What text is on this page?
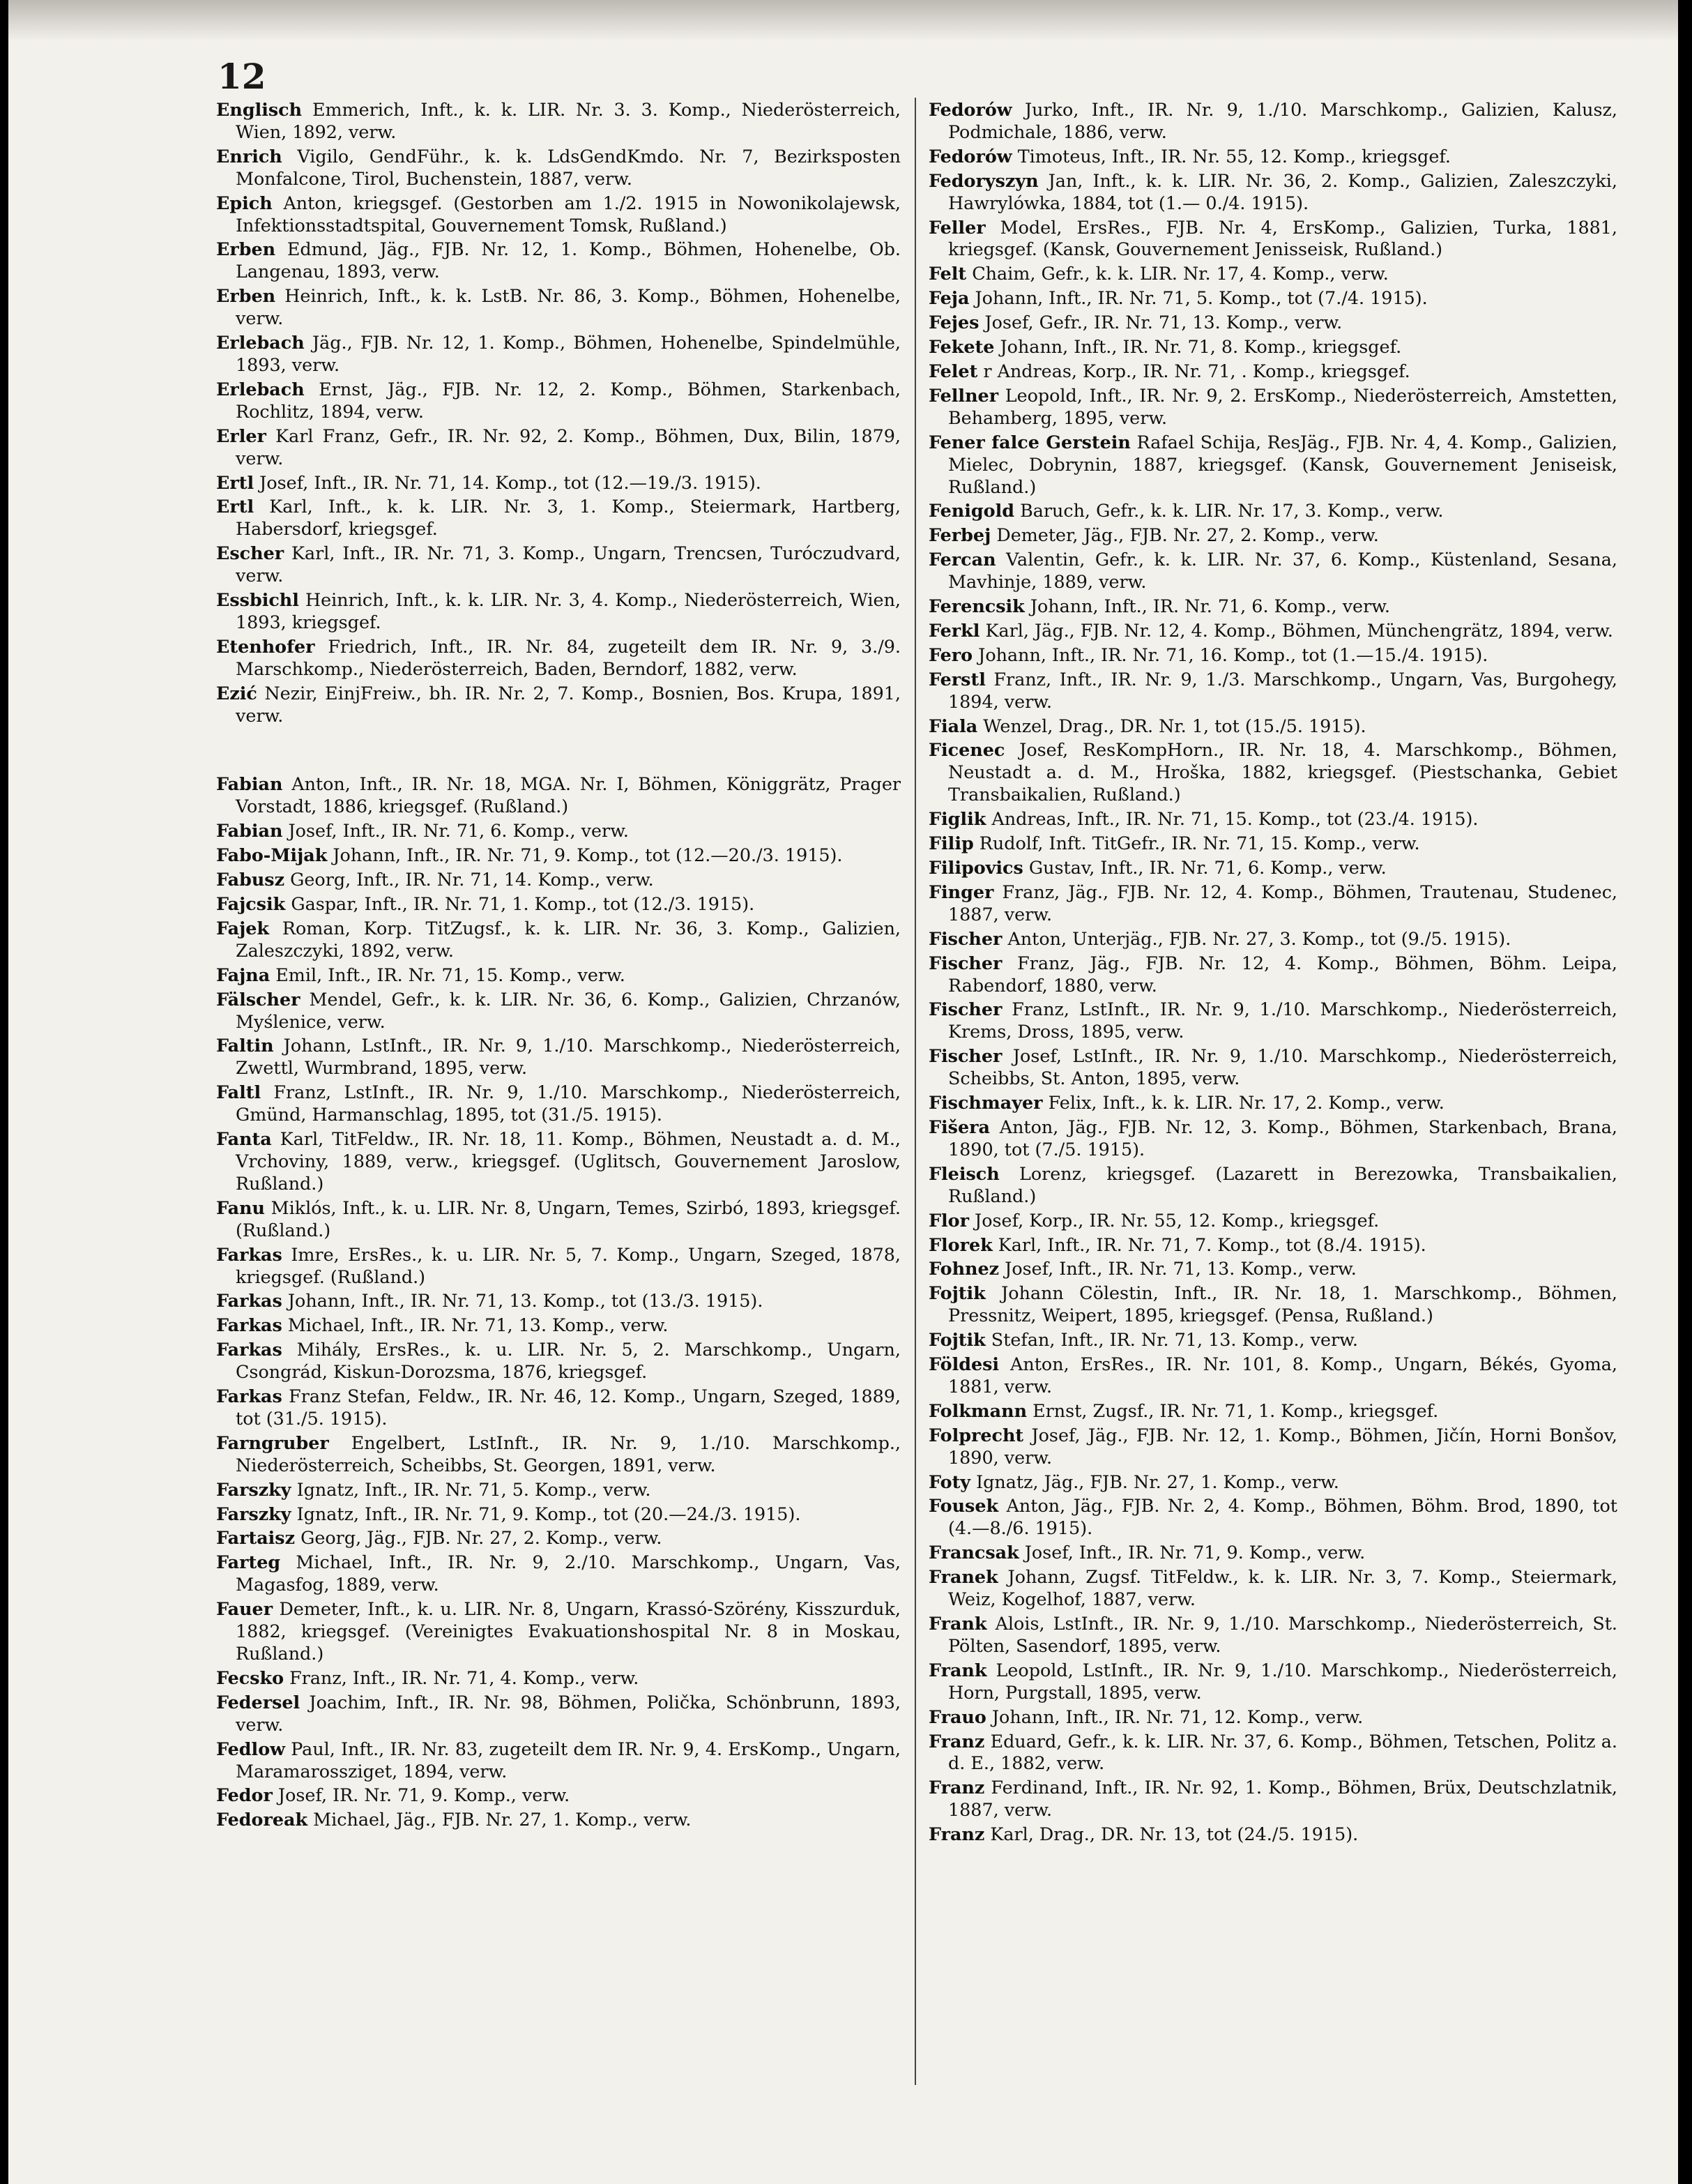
12

Englisch Emmerich, Inft., k. k. LIR. Nr. 3. 3. Komp., Niederösterreich, Wien, 1892, verw.

Enrich Vigilo, GendFühr., k. k. LdsGendKmdo. Nr. 7, Bezirksposten Monfalcone, Tirol, Buchenstein, 1887, verw.

Epich Anton, kriegsgef. (Gestorben am 1./2. 1915 in Nowonikolajewsk, Infektionsstadtspital, Gouvernement Tomsk, Rußland.)

Erben Edmund, Jäg., FJB. Nr. 12, 1. Komp., Böhmen, Hohenelbe, Ob. Langenau, 1893, verw.

Erben Heinrich, Inft., k. k. LstB. Nr. 86, 3. Komp., Böhmen, Hohenelbe, verw.

Erlebach Jäg., FJB. Nr. 12, 1. Komp., Böhmen, Hohenelbe, Spindelmühle, 1893, verw.

Erlebach Ernst, Jäg., FJB. Nr. 12, 2. Komp., Böhmen, Starkenbach, Rochlitz, 1894, verw.

Erler Karl Franz, Gefr., IR. Nr. 92, 2. Komp., Böhmen, Dux, Bilin, 1879, verw.

Ertl Josef, Inft., IR. Nr. 71, 14. Komp., tot (12.—19./3. 1915).

Ertl Karl, Inft., k. k. LIR. Nr. 3, 1. Komp., Steiermark, Hartberg, Habersdorf, kriegsgef.

Escher Karl, Inft., IR. Nr. 71, 3. Komp., Ungarn, Trencsen, Turóczudvard, verw.

Essbichl Heinrich, Inft., k. k. LIR. Nr. 3, 4. Komp., Niederösterreich, Wien, 1893, kriegsgef.

Etenhofer Friedrich, Inft., IR. Nr. 84, zugeteilt dem IR. Nr. 9, 3./9. Marschkomp., Niederösterreich, Baden, Berndorf, 1882, verw.

Ezić Nezir, EinjFreiw., bh. IR. Nr. 2, 7. Komp., Bosnien, Bos. Krupa, 1891, verw.

Fabian Anton, Inft., IR. Nr. 18, MGA. Nr. I, Böhmen, Königgrätz, Prager Vorstadt, 1886, kriegsgef. (Rußland.)

Fabian Josef, Inft., IR. Nr. 71, 6. Komp., verw.

Fabo-Mijak Johann, Inft., IR. Nr. 71, 9. Komp., tot (12.—20./3. 1915).

Fabusz Georg, Inft., IR. Nr. 71, 14. Komp., verw.

Fajcsik Gaspar, Inft., IR. Nr. 71, 1. Komp., tot (12./3. 1915).

Fajek Roman, Korp. TitZugsf., k. k. LIR. Nr. 36, 3. Komp., Galizien, Zaleszczyki, 1892, verw.

Fajna Emil, Inft., IR. Nr. 71, 15. Komp., verw.

Fälscher Mendel, Gefr., k. k. LIR. Nr. 36, 6. Komp., Galizien, Chrzanów, Myślenice, verw.

Faltin Johann, LstInft., IR. Nr. 9, 1./10. Marschkomp., Niederösterreich, Zwettl, Wurmbrand, 1895, verw.

Faltl Franz, LstInft., IR. Nr. 9, 1./10. Marschkomp., Niederösterreich, Gmünd, Harmanschlag, 1895, tot (31./5. 1915).

Fanta Karl, TitFeldw., IR. Nr. 18, 11. Komp., Böhmen, Neustadt a. d. M., Vrchoviny, 1889, verw., kriegsgef. (Uglitsch, Gouvernement Jaroslow, Rußland.)

Fanu Miklós, Inft., k. u. LIR. Nr. 8, Ungarn, Temes, Szirbó, 1893, kriegsgef. (Rußland.)

Farkas Imre, ErsRes., k. u. LIR. Nr. 5, 7. Komp., Ungarn, Szeged, 1878, kriegsgef. (Rußland.)

Farkas Johann, Inft., IR. Nr. 71, 13. Komp., tot (13./3. 1915).

Farkas Michael, Inft., IR. Nr. 71, 13. Komp., verw.

Farkas Mihály, ErsRes., k. u. LIR. Nr. 5, 2. Marschkomp., Ungarn, Csongrád, Kiskun-Dorozsma, 1876, kriegsgef.

Farkas Franz Stefan, Feldw., IR. Nr. 46, 12. Komp., Ungarn, Szeged, 1889, tot (31./5. 1915).

Farngruber Engelbert, LstInft., IR. Nr. 9, 1./10. Marschkomp., Niederösterreich, Scheibbs, St. Georgen, 1891, verw.

Farszky Ignatz, Inft., IR. Nr. 71, 5. Komp., verw.

Farszky Ignatz, Inft., IR. Nr. 71, 9. Komp., tot (20.—24./3. 1915).

Fartaisz Georg, Jäg., FJB. Nr. 27, 2. Komp., verw.

Farteg Michael, Inft., IR. Nr. 9, 2./10. Marschkomp., Ungarn, Vas, Magasfog, 1889, verw.

Fauer Demeter, Inft., k. u. LIR. Nr. 8, Ungarn, Krassó-Szörény, Kisszurduk, 1882, kriegsgef. (Vereinigtes Evakuationshospital Nr. 8 in Moskau, Rußland.)

Fecsko Franz, Inft., IR. Nr. 71, 4. Komp., verw.

Federsel Joachim, Inft., IR. Nr. 98, Böhmen, Polička, Schönbrunn, 1893, verw.

Fedlow Paul, Inft., IR. Nr. 83, zugeteilt dem IR. Nr. 9, 4. ErsKomp., Ungarn, Maramarossziget, 1894, verw.

Fedor Josef, IR. Nr. 71, 9. Komp., verw.

Fedoreak Michael, Jäg., FJB. Nr. 27, 1. Komp., verw.

Fedorów Jurko, Inft., IR. Nr. 9, 1./10. Marschkomp., Galizien, Kalusz, Podmichale, 1886, verw.

Fedorów Timoteus, Inft., IR. Nr. 55, 12. Komp., kriegsgef.

Fedoryszyn Jan, Inft., k. k. LIR. Nr. 36, 2. Komp., Galizien, Zaleszczyki, Hawrylówka, 1884, tot (1.— 0./4. 1915).

Feller Model, ErsRes., FJB. Nr. 4, ErsKomp., Galizien, Turka, 1881, kriegsgef. (Kansk, Gouvernement Jenisseisk, Rußland.)

Felt Chaim, Gefr., k. k. LIR. Nr. 17, 4. Komp., verw.

Feja Johann, Inft., IR. Nr. 71, 5. Komp., tot (7./4. 1915).

Fejes Josef, Gefr., IR. Nr. 71, 13. Komp., verw.

Fekete Johann, Inft., IR. Nr. 71, 8. Komp., kriegsgef.

Felet r Andreas, Korp., IR. Nr. 71, . Komp., kriegsgef.

Fellner Leopold, Inft., IR. Nr. 9, 2. ErsKomp., Niederösterreich, Amstetten, Behamberg, 1895, verw.

Fener falce Gerstein Rafael Schija, ResJäg., FJB. Nr. 4, 4. Komp., Galizien, Mielec, Dobrynin, 1887, kriegsgef. (Kansk, Gouvernement Jeniseisk, Rußland.)

Fenigold Baruch, Gefr., k. k. LIR. Nr. 17, 3. Komp., verw.

Ferbej Demeter, Jäg., FJB. Nr. 27, 2. Komp., verw.

Fercan Valentin, Gefr., k. k. LIR. Nr. 37, 6. Komp., Küstenland, Sesana, Mavhinje, 1889, verw.

Ferencsik Johann, Inft., IR. Nr. 71, 6. Komp., verw.

Ferkl Karl, Jäg., FJB. Nr. 12, 4. Komp., Böhmen, Münchengrätz, 1894, verw.

Fero Johann, Inft., IR. Nr. 71, 16. Komp., tot (1.—15./4. 1915).

Ferstl Franz, Inft., IR. Nr. 9, 1./3. Marschkomp., Ungarn, Vas, Burgohegy, 1894, verw.

Fiala Wenzel, Drag., DR. Nr. 1, tot (15./5. 1915).

Ficenec Josef, ResKompHorn., IR. Nr. 18, 4. Marschkomp., Böhmen, Neustadt a. d. M., Hroška, 1882, kriegsgef. (Piestschanka, Gebiet Transbaikalien, Rußland.)

Figlik Andreas, Inft., IR. Nr. 71, 15. Komp., tot (23./4. 1915).

Filip Rudolf, Inft. TitGefr., IR. Nr. 71, 15. Komp., verw.

Filipovics Gustav, Inft., IR. Nr. 71, 6. Komp., verw.

Finger Franz, Jäg., FJB. Nr. 12, 4. Komp., Böhmen, Trautenau, Studenec, 1887, verw.

Fischer Anton, Unterjäg., FJB. Nr. 27, 3. Komp., tot (9./5. 1915).

Fischer Franz, Jäg., FJB. Nr. 12, 4. Komp., Böhmen, Böhm. Leipa, Rabendorf, 1880, verw.

Fischer Franz, LstInft., IR. Nr. 9, 1./10. Marschkomp., Niederösterreich, Krems, Dross, 1895, verw.

Fischer Josef, LstInft., IR. Nr. 9, 1./10. Marschkomp., Niederösterreich, Scheibbs, St. Anton, 1895, verw.

Fischmayer Felix, Inft., k. k. LIR. Nr. 17, 2. Komp., verw.

Fišera Anton, Jäg., FJB. Nr. 12, 3. Komp., Böhmen, Starkenbach, Brana, 1890, tot (7./5. 1915).

Fleisch Lorenz, kriegsgef. (Lazarett in Berezowka, Transbaikalien, Rußland.)

Flor Josef, Korp., IR. Nr. 55, 12. Komp., kriegsgef.

Florek Karl, Inft., IR. Nr. 71, 7. Komp., tot (8./4. 1915).

Fohnez Josef, Inft., IR. Nr. 71, 13. Komp., verw.

Fojtik Johann Cölestin, Inft., IR. Nr. 18, 1. Marschkomp., Böhmen, Pressnitz, Weipert, 1895, kriegsgef. (Pensa, Rußland.)

Fojtik Stefan, Inft., IR. Nr. 71, 13. Komp., verw.

Földesi Anton, ErsRes., IR. Nr. 101, 8. Komp., Ungarn, Békés, Gyoma, 1881, verw.

Folkmann Ernst, Zugsf., IR. Nr. 71, 1. Komp., kriegsgef.

Folprecht Josef, Jäg., FJB. Nr. 12, 1. Komp., Böhmen, Jičín, Horni Bonšov, 1890, verw.

Foty Ignatz, Jäg., FJB. Nr. 27, 1. Komp., verw.

Fousek Anton, Jäg., FJB. Nr. 2, 4. Komp., Böhmen, Böhm. Brod, 1890, tot (4.—8./6. 1915).

Francsak Josef, Inft., IR. Nr. 71, 9. Komp., verw.

Franek Johann, Zugsf. TitFeldw., k. k. LIR. Nr. 3, 7. Komp., Steiermark, Weiz, Kogelhof, 1887, verw.

Frank Alois, LstInft., IR. Nr. 9, 1./10. Marschkomp., Niederösterreich, St. Pölten, Sasendorf, 1895, verw.

Frank Leopold, LstInft., IR. Nr. 9, 1./10. Marschkomp., Niederösterreich, Horn, Purgstall, 1895, verw.

Frauo Johann, Inft., IR. Nr. 71, 12. Komp., verw.

Franz Eduard, Gefr., k. k. LIR. Nr. 37, 6. Komp., Böhmen, Tetschen, Politz a. d. E., 1882, verw.

Franz Ferdinand, Inft., IR. Nr. 92, 1. Komp., Böhmen, Brüx, Deutschzlatnik, 1887, verw.

Franz Karl, Drag., DR. Nr. 13, tot (24./5. 1915).
